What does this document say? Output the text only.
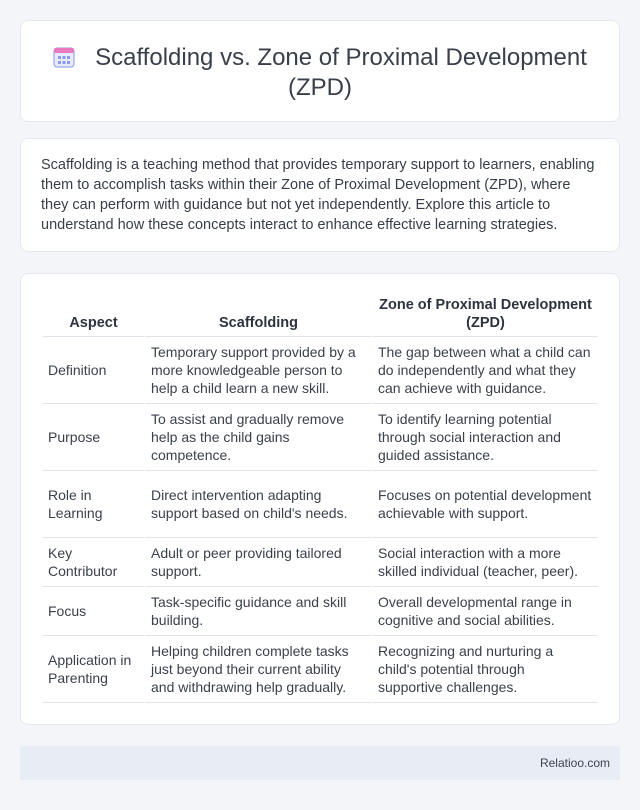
Scaffolding vs. Zone of Proximal Development (ZPD)

Scaffolding is a teaching method that provides temporary support to learners, enabling them to accomplish tasks within their Zone of Proximal Development (ZPD), where they can perform with guidance but not yet independently. Explore this article to understand how these concepts interact to enhance effective learning strategies.

Aspect	Scaffolding	Zone of Proximal Development (ZPD)
Definition	Temporary support provided by a more knowledgeable person to help a child learn a new skill.	The gap between what a child can do independently and what they can achieve with guidance.
Purpose	To assist and gradually remove help as the child gains competence.	To identify learning potential through social interaction and guided assistance.
Role in Learning	Direct intervention adapting support based on child's needs.	Focuses on potential development achievable with support.
Key Contributor	Adult or peer providing tailored support.	Social interaction with a more skilled individual (teacher, peer).
Focus	Task-specific guidance and skill building.	Overall developmental range in cognitive and social abilities.
Application in Parenting	Helping children complete tasks just beyond their current ability and withdrawing help gradually.	Recognizing and nurturing a child's potential through supportive challenges.
Relatioo.com
